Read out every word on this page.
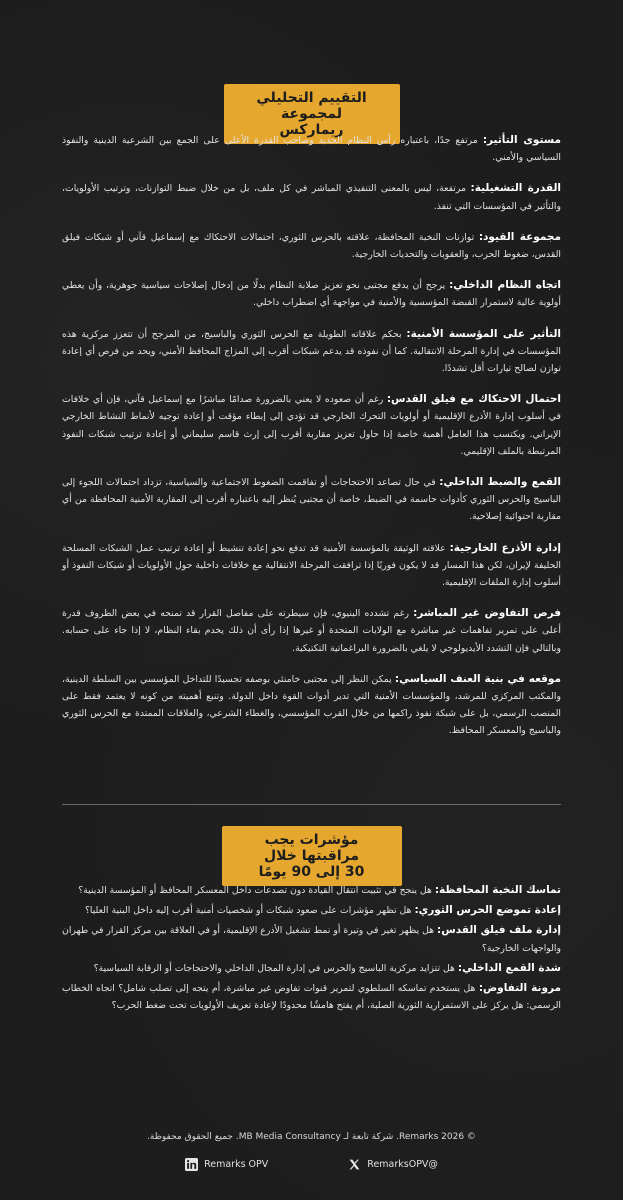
التقييم التحليلي لمجموعة
ريماركس

مستوى التأثير: مرتفع جدًا، باعتباره رأس النظام الجديد وصاحب القدرة الأعلى على الجمع بين الشرعية الدينية والنفوذ السياسي والأمني.

القدرة التشغيلية: مرتفعة، ليس بالمعنى التنفيذي المباشر في كل ملف، بل من خلال ضبط التوازنات، وترتيب الأولويات، والتأثير في المؤسسات التي تنفذ.

مجموعة القيود: توازنات النخبة المحافظة، علاقته بالحرس الثوري، احتمالات الاحتكاك مع إسماعيل قآني أو شبكات فيلق القدس، ضغوط الحرب، والعقوبات والتحديات الخارجية.

اتجاه النظام الداخلي: يرجح أن يدفع مجتبى نحو تعزيز صلابة النظام بدلًا من إدخال إصلاحات سياسية جوهرية، وأن يعطي أولوية عالية لاستمرار القبضة المؤسسية والأمنية في مواجهة أي اضطراب داخلي.

التأثير على المؤسسة الأمنية: بحكم علاقاته الطويلة مع الحرس الثوري والباسيج، من المرجح أن تتعزز مركزية هذه المؤسسات في إدارة المرحلة الانتقالية. كما أن نفوذه قد يدعم شبكات أقرب إلى المزاج المحافظ الأمني، ويحد من فرص أي إعادة توازن لصالح تيارات أقل تشددًا.

احتمال الاحتكاك مع فيلق القدس: رغم أن صعوده لا يعني بالضرورة صدامًا مباشرًا مع إسماعيل قآني، فإن أي خلافات في أسلوب إدارة الأذرع الإقليمية أو أولويات التحرك الخارجي قد تؤدي إلى إبطاء مؤقت أو إعادة توجيه لأنماط النشاط الخارجي الإيراني. ويكتسب هذا العامل أهمية خاصة إذا حاول تعزيز مقاربة أقرب إلى إرث قاسم سليماني أو إعادة ترتيب شبكات النفوذ المرتبطة بالملف الإقليمي.

القمع والضبط الداخلي: في حال تصاعد الاحتجاجات أو تفاقمت الضغوط الاجتماعية والسياسية، تزداد احتمالات اللجوء إلى الباسيج والحرس الثوري كأدوات حاسمة في الضبط، خاصة أن مجتبى يُنظر إليه باعتباره أقرب إلى المقاربة الأمنية المحافظة من أي مقاربة احتوائية إصلاحية.

إدارة الأذرع الخارجية: علاقته الوثيقة بالمؤسسة الأمنية قد تدفع نحو إعادة تنشيط أو إعادة ترتيب عمل الشبكات المسلحة الحليفة لإيران، لكن هذا المسار قد لا يكون فوريًا إذا ترافقت المرحلة الانتقالية مع خلافات داخلية حول الأولويات أو شبكات النفوذ أو أسلوب إدارة الملفات الإقليمية.

فرص التفاوض غير المباشر: رغم تشدده البنيوي، فإن سيطرته على مفاصل القرار قد تمنحه في بعض الظروف قدرة أعلى على تمرير تفاهمات غير مباشرة مع الولايات المتحدة أو غيرها إذا رأى أن ذلك يخدم بقاء النظام، لا إذا جاء على حسابه. وبالتالي فإن التشدد الأيديولوجي لا يلغي بالضرورة البراغماتية التكتيكية.

موقعه في بنية العنف السياسي: يمكن النظر إلى مجتبى خامنئي بوصفه تجسيدًا للتداخل المؤسسي بين السلطة الدينية، والمكتب المركزي للمرشد، والمؤسسات الأمنية التي تدير أدوات القوة داخل الدولة. وتنبع أهميته من كونه لا يعتمد فقط على المنصب الرسمي، بل على شبكة نفوذ راكمها من خلال القرب المؤسسي، والغطاء الشرعي، والعلاقات الممتدة مع الحرس الثوري والباسيج والمعسكر المحافظ.

مؤشرات يجب مراقبتها خلال
30 إلى 90 يومًا

تماسك النخبة المحافظة: هل ينجح في تثبيت انتقال القيادة دون تصدعات داخل المعسكر المحافظ أو المؤسسة الدينية؟

إعادة تموضع الحرس الثوري: هل تظهر مؤشرات على صعود شبكات أو شخصيات أمنية أقرب إليه داخل البنية العليا؟

إدارة ملف فيلق القدس: هل يظهر تغير في وتيرة أو نمط تشغيل الأذرع الإقليمية، أو في العلاقة بين مركز القرار في طهران والواجهات الخارجية؟

شدة القمع الداخلي: هل تتزايد مركزية الباسيج والحرس في إدارة المجال الداخلي والاحتجاجات أو الرقابة السياسية؟

مرونة التفاوض: هل يستخدم تماسكه السلطوي لتمرير قنوات تفاوض غير مباشرة، أم يتجه إلى تصلب شامل؟ اتجاه الخطاب الرسمي: هل يركز على الاستمرارية الثورية الصلبة، أم يفتح هامشًا محدودًا لإعادة تعريف الأولويات تحت ضغط الحرب؟

© Remarks 2026. شركة تابعة لـ MB Media Consultancy. جميع الحقوق محفوظة.
Remarks OPV	RemarksOPV@
